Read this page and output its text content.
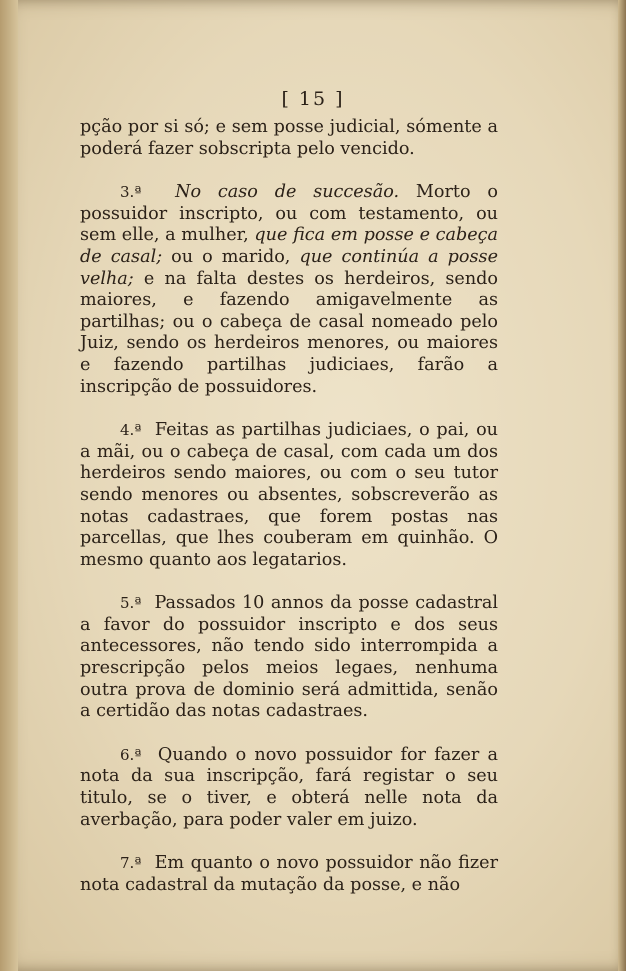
[ 15 ]

pção por si só; e sem posse judicial, sómente a poderá fazer sobscripta pelo vencido.

3.ª No caso de succesão. Morto o possuidor inscripto, ou com testamento, ou sem elle, a mulher, que fica em posse e cabeça de casal; ou o marido, que continúa a posse velha; e na falta destes os herdeiros, sendo maiores, e fazendo amigavelmente as partilhas; ou o cabeça de casal nomeado pelo Juiz, sendo os herdeiros menores, ou maiores e fazendo partilhas judiciaes, farão a inscripção de possuidores.

4.ª Feitas as partilhas judiciaes, o pai, ou a mãi, ou o cabeça de casal, com cada um dos herdeiros sendo maiores, ou com o seu tutor sendo menores ou absentes, sobscreverão as notas cadastraes, que forem postas nas parcellas, que lhes couberam em quinhão. O mesmo quanto aos legatarios.

5.ª Passados 10 annos da posse cadastral a favor do possuidor inscripto e dos seus antecessores, não tendo sido interrompida a prescripção pelos meios legaes, nenhuma outra prova de dominio será admittida, senão a certidão das notas cadastraes.

6.ª Quando o novo possuidor for fazer a nota da sua inscripção, fará registar o seu titulo, se o tiver, e obterá nelle nota da averbação, para poder valer em juizo.

7.ª Em quanto o novo possuidor não fizer nota cadastral da mutação da posse, e não
